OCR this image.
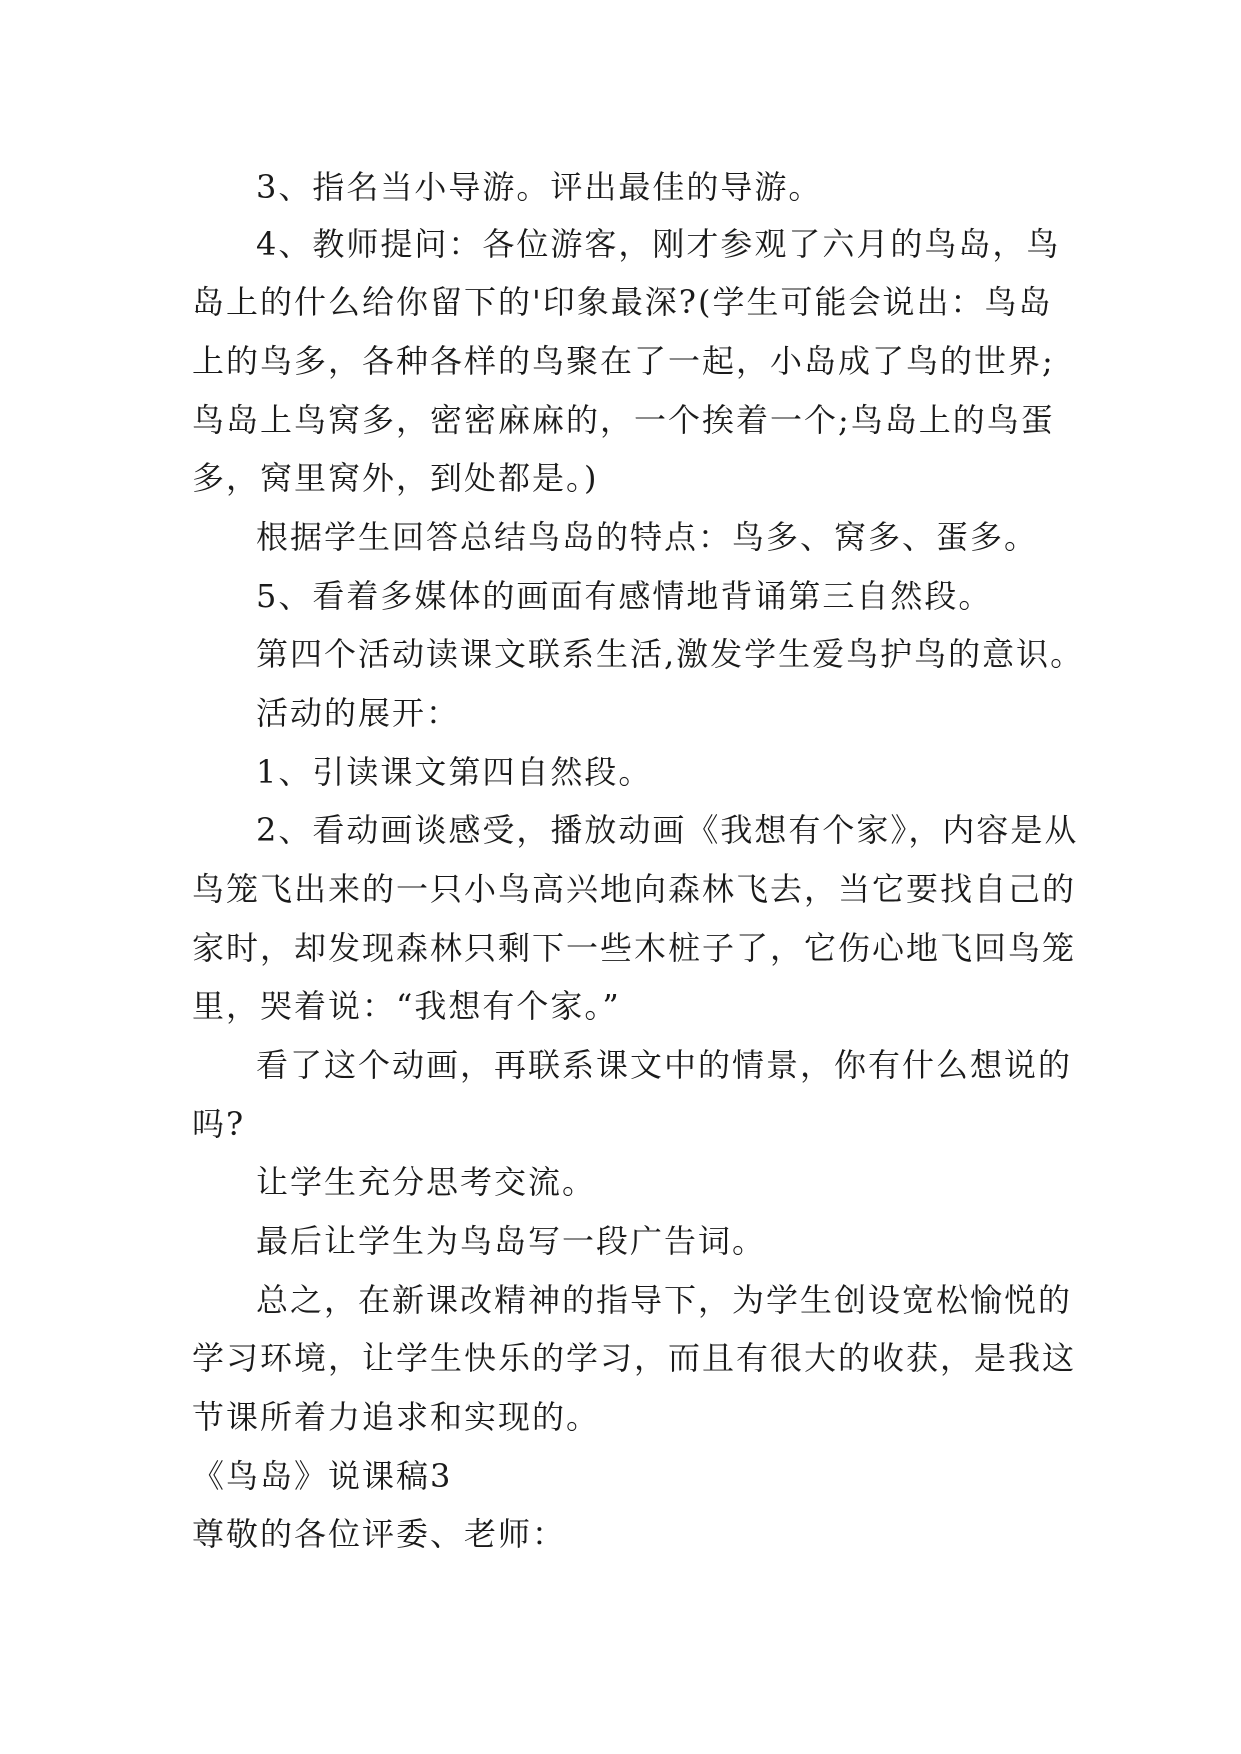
3、指名当小导游。评出最佳的导游。
4、教师提问：各位游客，刚才参观了六月的鸟岛，鸟
岛上的什么给你留下的'印象最深?(学生可能会说出：鸟岛
上的鸟多，各种各样的鸟聚在了一起，小岛成了鸟的世界;
鸟岛上鸟窝多，密密麻麻的，一个挨着一个;鸟岛上的鸟蛋
多，窝里窝外，到处都是。)
根据学生回答总结鸟岛的特点：鸟多、窝多、蛋多。
5、看着多媒体的画面有感情地背诵第三自然段。
第四个活动读课文联系生活,激发学生爱鸟护鸟的意识。
活动的展开：
1、引读课文第四自然段。
2、看动画谈感受，播放动画《我想有个家》，内容是从
鸟笼飞出来的一只小鸟高兴地向森林飞去，当它要找自己的
家时，却发现森林只剩下一些木桩子了，它伤心地飞回鸟笼
里，哭着说：“我想有个家。”
看了这个动画，再联系课文中的情景，你有什么想说的
吗?
让学生充分思考交流。
最后让学生为鸟岛写一段广告词。
总之，在新课改精神的指导下，为学生创设宽松愉悦的
学习环境，让学生快乐的学习，而且有很大的收获，是我这
节课所着力追求和实现的。
《鸟岛》说课稿3
尊敬的各位评委、老师：
